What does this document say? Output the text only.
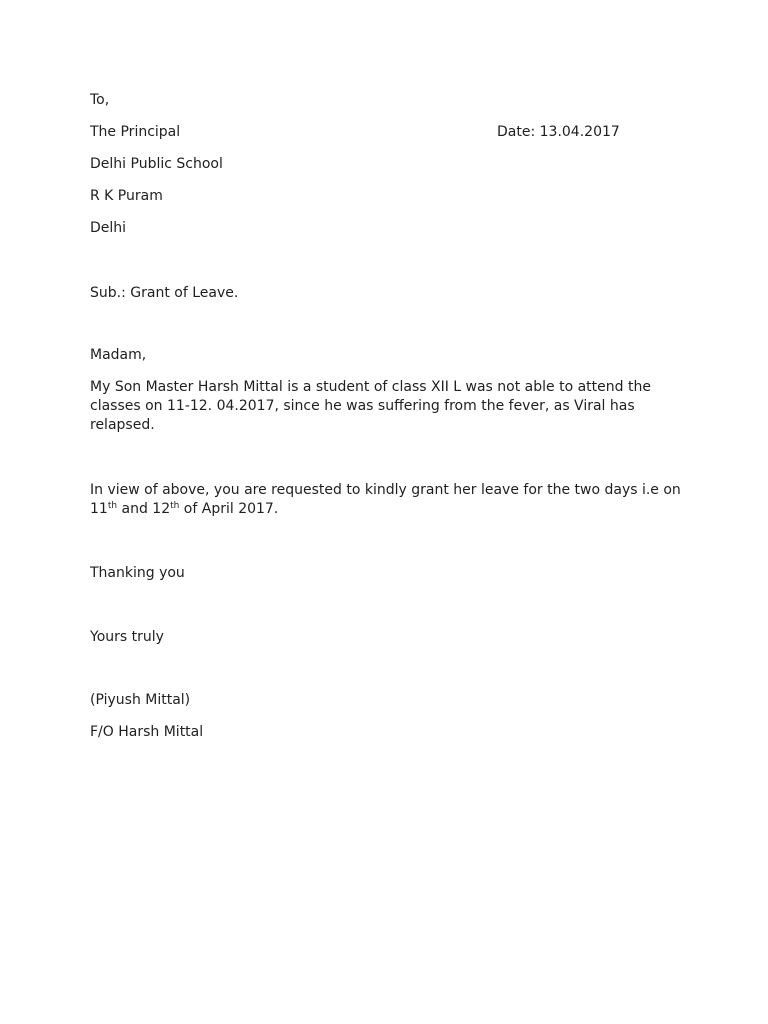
To,
The Principal	Date: 13.04.2017
Delhi Public School
R K Puram
Delhi
Sub.: Grant of Leave.
Madam,
My Son Master Harsh Mittal is a student of class XII L was not able to attend the
classes on 11-12. 04.2017, since he was suffering from the fever, as Viral has
relapsed.
In view of above, you are requested to kindly grant her leave for the two days i.e on
11th and 12th of April 2017.
Thanking you
Yours truly
(Piyush Mittal)
F/O Harsh Mittal
